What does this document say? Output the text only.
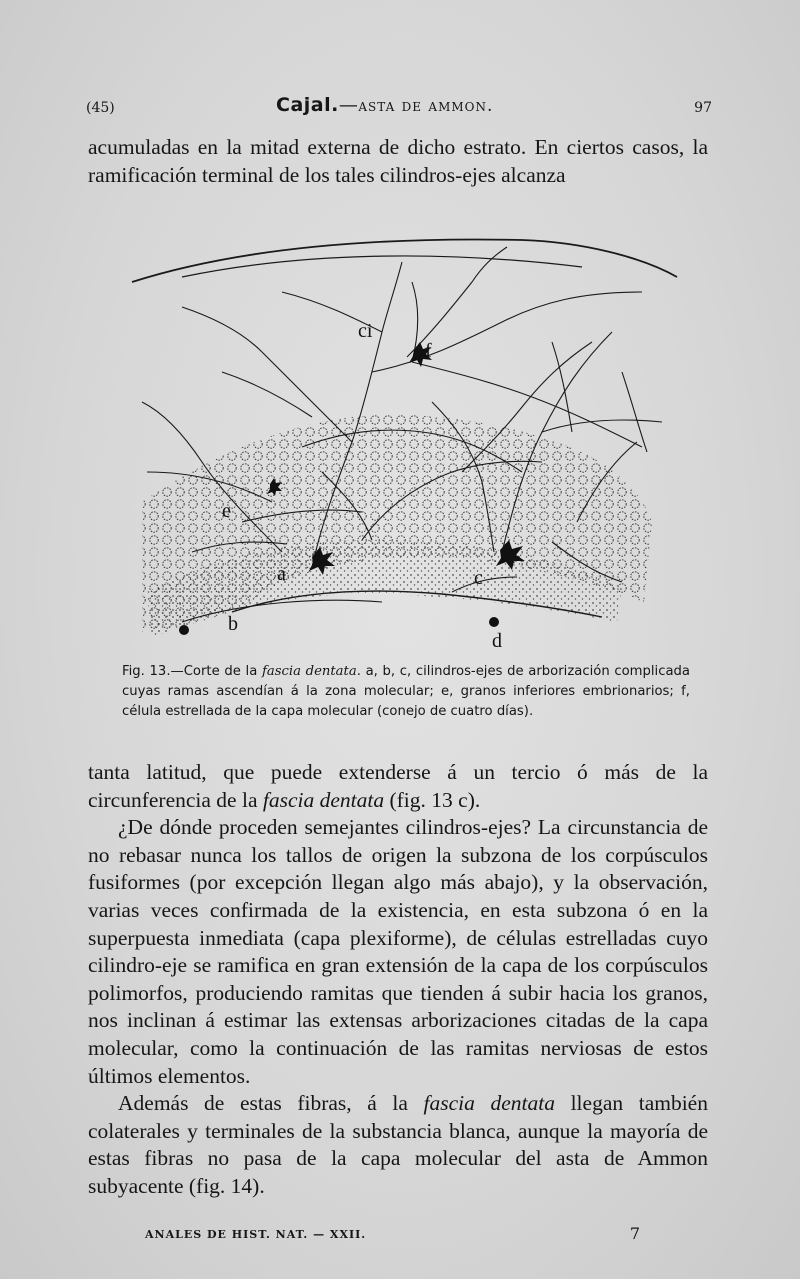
(45)	Cajal.—asta de ammon.	97

acumuladas en la mitad externa de dicho estrato. En ciertos casos, la ramificación terminal de los tales cilindros-ejes alcanza

ci
f
e
a
b
c
d

Fig. 13.—Corte de la fascia dentata. a, b, c, cilindros-ejes de arborización complicada cuyas ramas ascendían á la zona molecular; e, granos inferiores embrionarios; f, célula estrellada de la capa molecular (conejo de cuatro días).

tanta latitud, que puede extenderse á un tercio ó más de la circunferencia de la fascia dentata (fig. 13 c).

¿De dónde proceden semejantes cilindros-ejes? La circunstancia de no rebasar nunca los tallos de origen la subzona de los corpúsculos fusiformes (por excepción llegan algo más abajo), y la observación, varias veces confirmada de la existencia, en esta subzona ó en la superpuesta inmediata (capa plexiforme), de células estrelladas cuyo cilindro-eje se ramifica en gran extensión de la capa de los corpúsculos polimorfos, produciendo ramitas que tienden á subir hacia los granos, nos inclinan á estimar las extensas arborizaciones citadas de la capa molecular, como la continuación de las ramitas nerviosas de estos últimos elementos.

Además de estas fibras, á la fascia dentata llegan también colaterales y terminales de la substancia blanca, aunque la mayoría de estas fibras no pasa de la capa molecular del asta de Ammon subyacente (fig. 14).

ANALES DE HIST. NAT. — XXII.	7
